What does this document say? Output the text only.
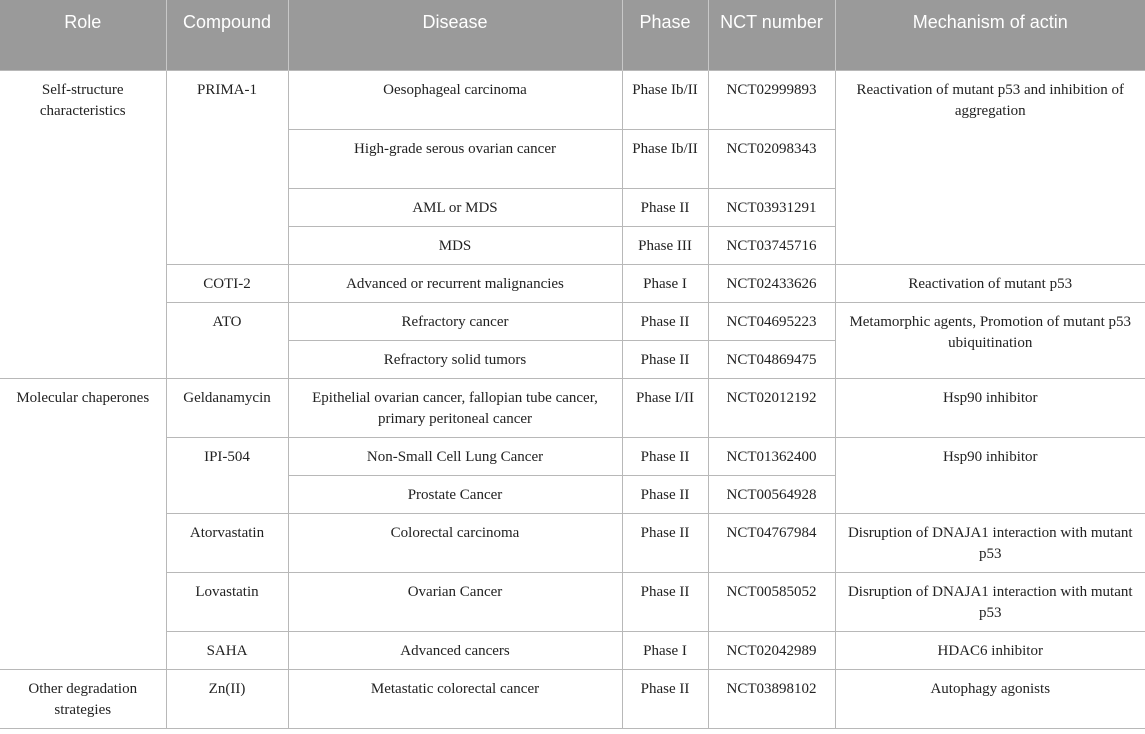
Role	Compound	Disease	Phase	NCT number	Mechanism of actin
Self-structure characteristics	PRIMA-1	Oesophageal carcinoma	Phase Ib/II	NCT02999893	Reactivation of mutant p53 and inhibition of aggregation
		High-grade serous ovarian cancer	Phase Ib/II	NCT02098343	
		AML or MDS	Phase II	NCT03931291	
		MDS	Phase III	NCT03745716	
	COTI-2	Advanced or recurrent malignancies	Phase I	NCT02433626	Reactivation of mutant p53
	ATO	Refractory cancer	Phase II	NCT04695223	Metamorphic agents, Promotion of mutant p53 ubiquitination
		Refractory solid tumors	Phase II	NCT04869475	
Molecular chaperones	Geldanamycin	Epithelial ovarian cancer, fallopian tube cancer, primary peritoneal cancer	Phase I/II	NCT02012192	Hsp90 inhibitor
	IPI-504	Non-Small Cell Lung Cancer	Phase II	NCT01362400	Hsp90 inhibitor
		Prostate Cancer	Phase II	NCT00564928	
	Atorvastatin	Colorectal carcinoma	Phase II	NCT04767984	Disruption of DNAJA1 interaction with mutant p53
	Lovastatin	Ovarian Cancer	Phase II	NCT00585052	Disruption of DNAJA1 interaction with mutant p53
	SAHA	Advanced cancers	Phase I	NCT02042989	HDAC6 inhibitor
Other degradation strategies	Zn(II)	Metastatic colorectal cancer	Phase II	NCT03898102	Autophagy agonists
